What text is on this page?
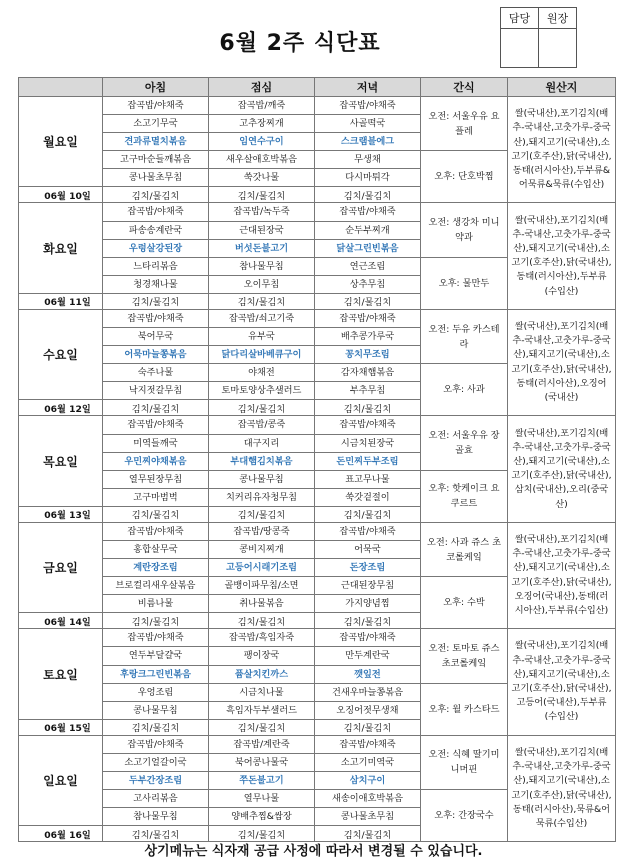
6월 2주 식단표
담당	원장

	아침	점심	저녁	간식	원산지
월요일	잡곡밥/야채죽	잡곡밥/깨죽	잡곡밥/야채죽	오전: 서울우유 요플레	쌀(국내산),포기김치(배추-국내산,고춧가루-중국산),돼지고기(국내산),소고기(호주산),닭(국내산),동태(러시아산),두부류&어묵류&묵류(수입산)
	소고기무국	고추장찌개	사골떡국		
	견과류멸치볶음	임연수구이	스크램블에그		
	고구마순들깨볶음	새우살애호박볶음	무생채	오후: 단호박찜	
	콩나물초무침	쑥갓나물	다시마튀각		
06월 10일	김치/물김치	김치/물김치	김치/물김치		
화요일	잡곡밥/야채죽	잡곡밥/녹두죽	잡곡밥/야채죽	오전: 생강차 미니약과	쌀(국내산),포기김치(배추-국내산,고춧가루-중국산),돼지고기(국내산),소고기(호주산),닭(국내산),동태(러시아산),두부류(수입산)
	파송송계란국	근대된장국	순두부찌개		
	우렁살강된장	버섯돈불고기	닭살그린빈볶음		
	느타리볶음	참나물무침	연근조림	오후: 물만두	
	청경채나물	오이무침	상추무침		
06월 11일	김치/물김치	김치/물김치	김치/물김치		
수요일	잡곡밥/야채죽	잡곡밥/쇠고기죽	잡곡밥/야채죽	오전: 두유 카스테라	쌀(국내산),포기김치(배추-국내산,고춧가루-중국산),돼지고기(국내산),소고기(호주산),닭(국내산),동태(러시아산),오징어(국내산)
	북어무국	유부국	배추콩가루국		
	어묵마늘쫑볶음	닭다리살바베큐구이	꽁치무조림		
	숙주나물	야채전	감자채햄볶음	오후: 사과	
	낙지젓갈무침	토마토양상추샐러드	부추무침		
06월 12일	김치/물김치	김치/물김치	김치/물김치		
목요일	잡곡밥/야채죽	잡곡밥/콩죽	잡곡밥/야채죽	오전: 서울우유 장골효	쌀(국내산),포기김치(배추-국내산,고춧가루-중국산),돼지고기(국내산),소고기(호주산),닭(국내산),삼치(국내산),오리(중국산)
	미역들깨국	대구지리	시금치된장국		
	우민찌야채볶음	부대햄김치볶음	돈민찌두부조림		
	열무된장무침	콩나물무침	표고무나물	오후: 핫케이크 요쿠르트	
	고구마범벅	치커리유자청무침	쑥갓겉절이		
06월 13일	김치/물김치	김치/물김치	김치/물김치		
금요일	잡곡밥/야채죽	잡곡밥/땅콩죽	잡곡밥/야채죽	오전: 사과 쥬스 초코롤케잌	쌀(국내산),포기김치(배추-국내산,고춧가루-중국산),돼지고기(국내산),소고기(호주산),닭(국내산),오징어(국내산),동태(러시아산),두부류(수입산)
	홍합살무국	콩비지찌개	어묵국		
	계란장조림	고등어시래기조림	돈장조림		
	브로컬리새우살볶음	골뱅이파무침/소면	근대된장무침	오후: 수박	
	비름나물	취나물볶음	가지양념찜		
06월 14일	김치/물김치	김치/물김치	김치/물김치		
토요일	잡곡밥/야채죽	잡곡밥/흑임자죽	잡곡밥/야채죽	오전: 토마토 쥬스 초코롤케잌	쌀(국내산),포기김치(배추-국내산,고춧가루-중국산),돼지고기(국내산),소고기(호주산),닭(국내산),고등어(국내산),두부류(수입산)
	연두부달걀국	팽이장국	만두계란국		
	후랑크그린빈볶음	퓸살치킨까스	깻잎전		
	우엉조림	시금치나물	건새우마늘쫑볶음	오후: 월 카스타드	
	콩나물무침	흑임자두부샐러드	오징어젓무생채		
06월 15일	김치/물김치	김치/물김치	김치/물김치		
일요일	잡곡밥/야채죽	잡곡밥/계란죽	잡곡밥/야채죽	오전: 식혜 딸기미니머핀	쌀(국내산),포기김치(배추-국내산,고춧가루-중국산),돼지고기(국내산),소고기(호주산),닭(국내산),동태(러시아산),묵류&어묵류(수입산)
	소고기얼갈이국	북어콩나물국	소고기미역국		
	두부간장조림	쭈돈불고기	삼치구이		
	고사리볶음	열무나물	새송이애호박볶음	오후: 간장국수	
	참나물무침	양배추찜&쌈장	콩나물초무침		
06월 16일	김치/물김치	김치/물김치	김치/물김치		
상기메뉴는 식자재 공급 사정에 따라서 변경될 수 있습니다.
